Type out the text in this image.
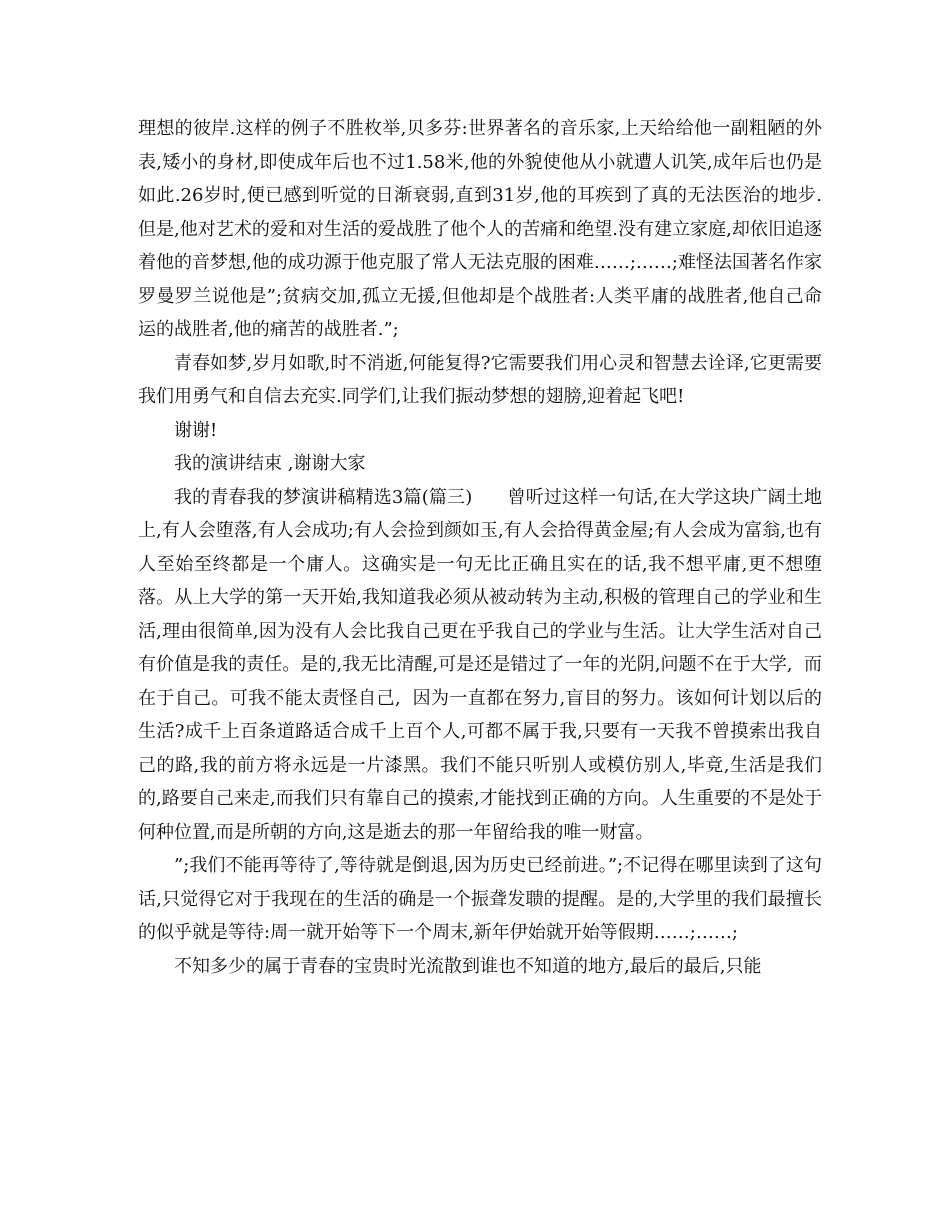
理想的彼岸.这样的例子不胜枚举,贝多芬:世界著名的音乐家,上天给给他一副粗陋的外表,矮小的身材,即使成年后也不过1.58米,他的外貌使他从小就遭人讥笑,成年后也仍是如此.26岁时,便已感到听觉的日渐衰弱,直到31岁,他的耳疾到了真的无法医治的地步.但是,他对艺术的爱和对生活的爱战胜了他个人的苦痛和绝望.没有建立家庭,却依旧追逐着他的音梦想,他的成功源于他克服了常人无法克服的困难……;……;难怪法国著名作家罗曼罗兰说他是”;贫病交加,孤立无援,但他却是个战胜者:人类平庸的战胜者,他自己命运的战胜者,他的痛苦的战胜者.”;

青春如梦,岁月如歌,时不消逝,何能复得?它需要我们用心灵和智慧去诠译,它更需要我们用勇气和自信去充实.同学们,让我们振动梦想的翅膀,迎着起飞吧!

谢谢!

我的演讲结束 ,谢谢大家

我的青春我的梦演讲稿精选3篇(篇三)      曾听过这样一句话,在大学这块广阔土地上,有人会堕落,有人会成功;有人会捡到颜如玉,有人会拾得黄金屋;有人会成为富翁,也有人至始至终都是一个庸人。这确实是一句无比正确且实在的话,我不想平庸,更不想堕落。从上大学的第一天开始,我知道我必须从被动转为主动,积极的管理自己的学业和生活,理由很简单,因为没有人会比我自己更在乎我自己的学业与生活。让大学生活对自己有价值是我的责任。是的,我无比清醒,可是还是错过了一年的光阴,问题不在于大学,  而在于自己。可我不能太责怪自己,  因为一直都在努力,盲目的努力。该如何计划以后的生活?成千上百条道路适合成千上百个人,可都不属于我,只要有一天我不曾摸索出我自己的路,我的前方将永远是一片漆黑。我们不能只听别人或模仿别人,毕竟,生活是我们的,路要自己来走,而我们只有靠自己的摸索,才能找到正确的方向。人生重要的不是处于何种位置,而是所朝的方向,这是逝去的那一年留给我的唯一财富。

”;我们不能再等待了,等待就是倒退,因为历史已经前进。”;不记得在哪里读到了这句话,只觉得它对于我现在的生活的确是一个振聋发聩的提醒。是的,大学里的我们最擅长的似乎就是等待:周一就开始等下一个周末,新年伊始就开始等假期……;……;

不知多少的属于青春的宝贵时光流散到谁也不知道的地方,最后的最后,只能
